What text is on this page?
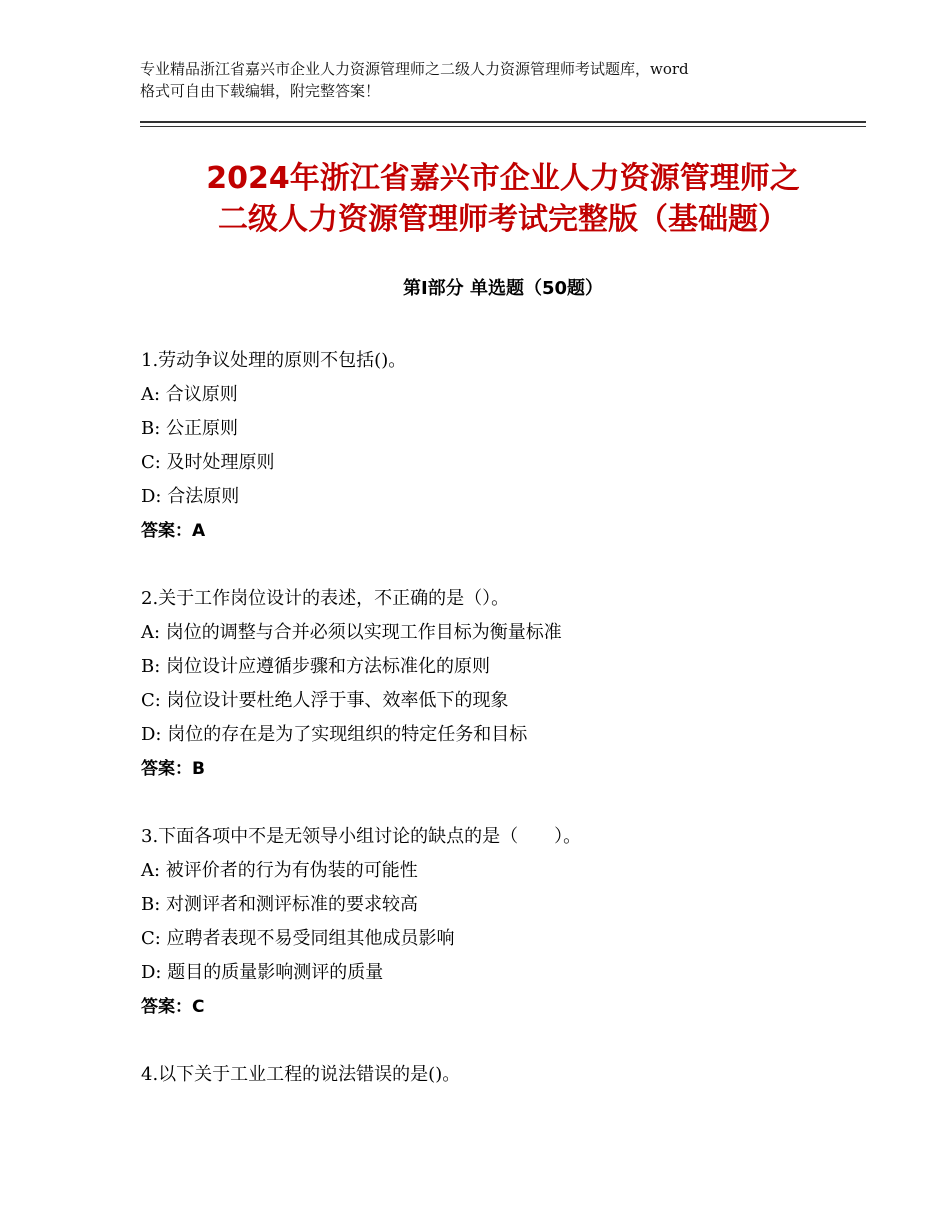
专业精品浙江省嘉兴市企业人力资源管理师之二级人力资源管理师考试题库，word
格式可自由下载编辑，附完整答案！
2024年浙江省嘉兴市企业人力资源管理师之
二级人力资源管理师考试完整版（基础题）
第Ⅰ部分 单选题（50题）
1.劳动争议处理的原则不包括()。
A: 合议原则
B: 公正原则
C: 及时处理原则
D: 合法原则
答案：A
2.关于工作岗位设计的表述，不正确的是（）。
A: 岗位的调整与合并必须以实现工作目标为衡量标准
B: 岗位设计应遵循步骤和方法标准化的原则
C: 岗位设计要杜绝人浮于事、效率低下的现象
D: 岗位的存在是为了实现组织的特定任务和目标
答案：B
3.下面各项中不是无领导小组讨论的缺点的是（　　）。
A: 被评价者的行为有伪装的可能性
B: 对测评者和测评标准的要求较高
C: 应聘者表现不易受同组其他成员影响
D: 题目的质量影响测评的质量
答案：C
4.以下关于工业工程的说法错误的是()。
